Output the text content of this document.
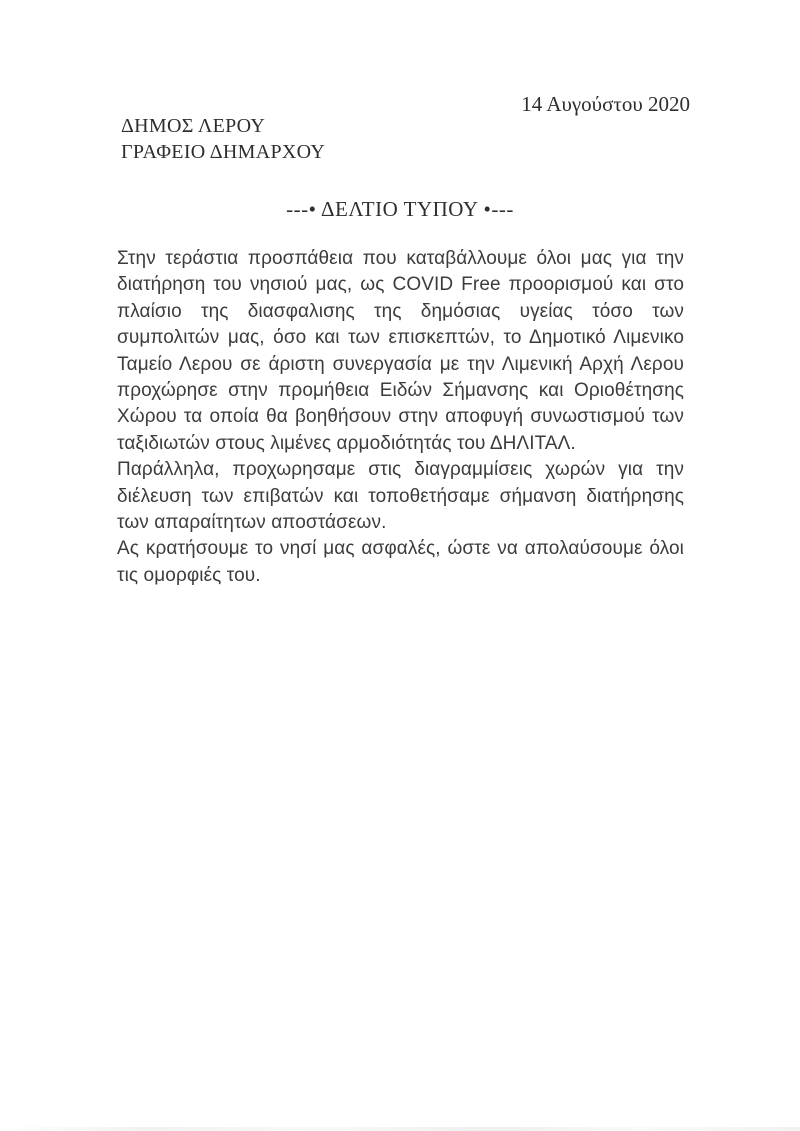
14 Αυγούστου 2020
ΔΗΜΟΣ ΛΕΡΟΥ
ΓΡΑΦΕΙΟ ΔΗΜΑΡΧΟΥ
---• ΔΕΛΤΙΟ ΤΥΠΟΥ •---
Στην τεράστια προσπάθεια που καταβάλλουμε όλοι μας για την
διατήρηση του νησιού μας, ως COVID Free προορισμού και στο
πλαίσιο της διασφαλισης της δημόσιας υγείας τόσο των
συμπολιτών μας, όσο και των επισκεπτών, το Δημοτικό Λιμενικο
Ταμείο Λερου σε άριστη συνεργασία με την Λιμενική Αρχή Λερου
προχώρησε στην προμήθεια Ειδών Σήμανσης και Οριοθέτησης
Χώρου τα οποία θα βοηθήσουν στην αποφυγή συνωστισμού των
ταξιδιωτών στους λιμένες αρμοδιότητάς του ΔΗΛΙΤΑΛ.
Παράλληλα, προχωρησαμε στις διαγραμμίσεις χωρών για την
διέλευση των επιβατών και τοποθετήσαμε σήμανση διατήρησης
των απαραίτητων αποστάσεων.
Ας κρατήσουμε το νησί μας ασφαλές, ώστε να απολαύσουμε όλοι
τις ομορφιές του.
